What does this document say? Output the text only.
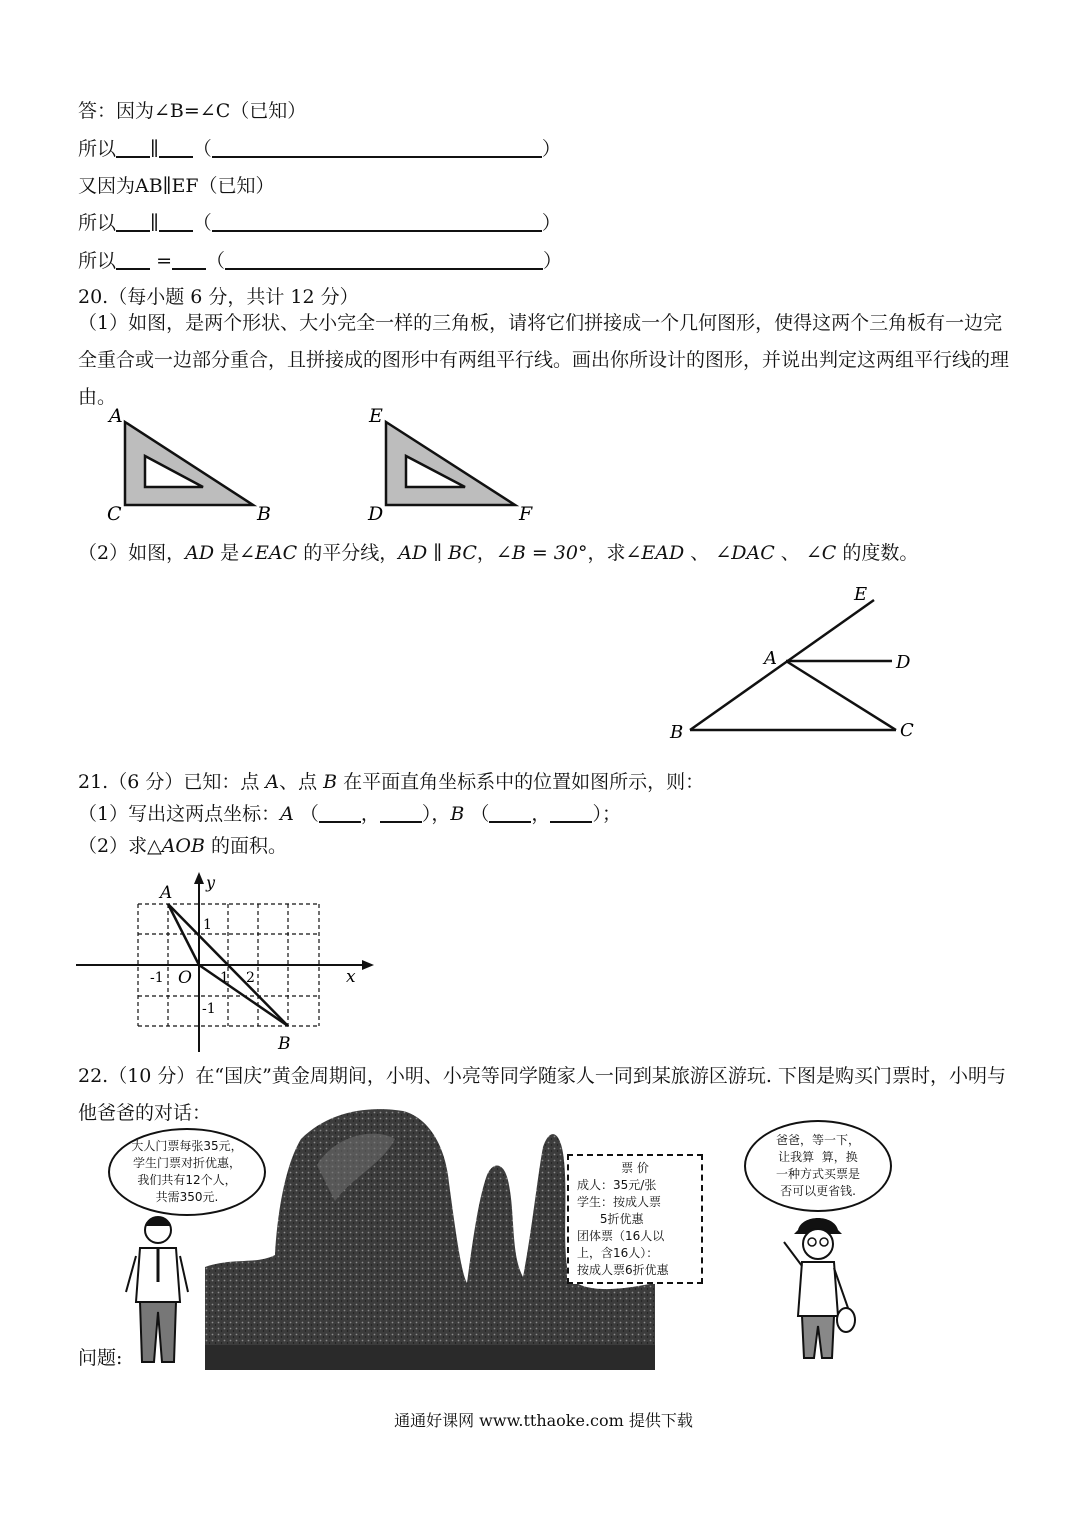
答：因为∠B=∠C（已知）
所以 ∥ （	）
又因为AB∥EF（已知）
所以 ∥ （	）
所以 = （	）
20.（每小题 6 分，共计 12 分）
（1）如图，是两个形状、大小完全一样的三角板，请将它们拼接成一个几何图形，使得这两个三角板有一边完全重合或一边部分重合，且拼接成的图形中有两组平行线。画出你所设计的图形，并说出判定这两组平行线的理由。
A
C	B
E
D	F
（2）如图，AD 是∠EAC 的平分线，AD ∥ BC，∠B = 30°，求∠EAD 、 ∠DAC 、 ∠C 的度数。
E
A	D
B	C
21.（6 分）已知：点 A、点 B 在平面直角坐标系中的位置如图所示，则：
（1）写出这两点坐标：A （ ， ），B （ ， ）；
（2）求△AOB 的面积。
y
x
O
A
B
1
-1	1 2
-1
22.（10 分）在“国庆”黄金周期间，小明、小亮等同学随家人一同到某旅游区游玩. 下图是购买门票时，小明与他爸爸的对话：
票 价
成人：35元/张
学生：按成人票
5折优惠
团体票（16人以
上，含16人）：
按成人票6折优惠
大人门票每张35元，
学生门票对折优惠，
我们共有12个人，
共需350元.
爸爸，等一下，
让我算  算，换
一种方式买票是
否可以更省钱.
问题:
通通好课网 www.tthaoke.com 提供下载
